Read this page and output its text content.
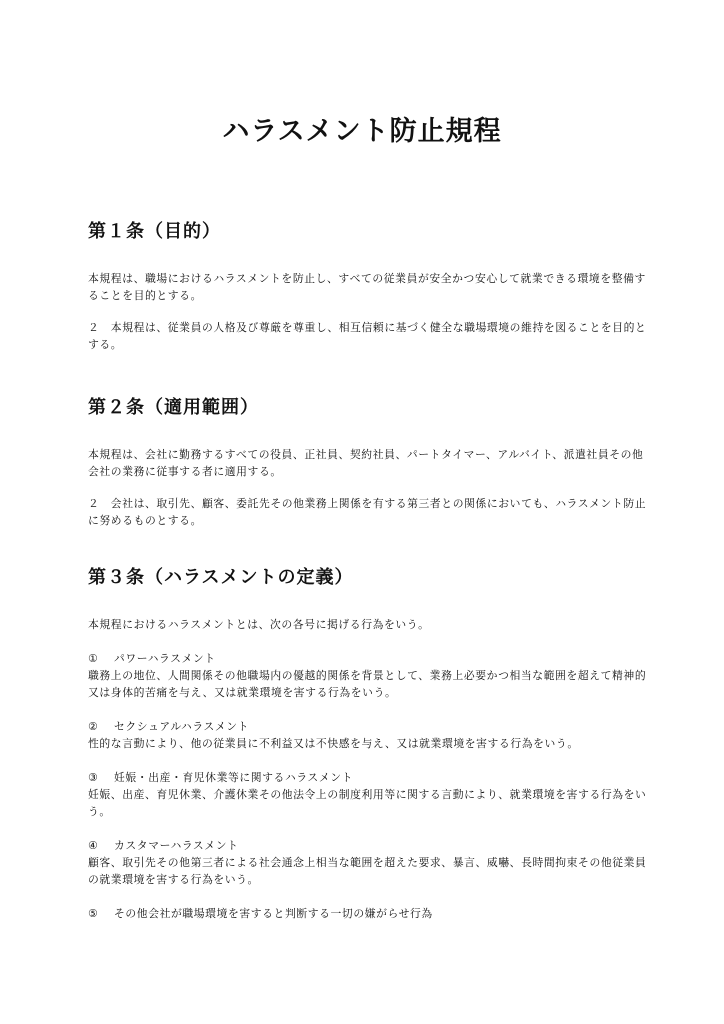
ハラスメント防止規程
第１条（目的）

本規程は、職場におけるハラスメントを防止し、すべての従業員が安全かつ安心して就業できる環境を整備することを目的とする。

２　本規程は、従業員の人格及び尊厳を尊重し、相互信頼に基づく健全な職場環境の維持を図ることを目的とする。

第２条（適用範囲）

本規程は、会社に勤務するすべての役員、正社員、契約社員、パートタイマー、アルバイト、派遣社員その他会社の業務に従事する者に適用する。

２　会社は、取引先、顧客、委託先その他業務上関係を有する第三者との関係においても、ハラスメント防止に努めるものとする。

第３条（ハラスメントの定義）

本規程におけるハラスメントとは、次の各号に掲げる行為をいう。

① パワーハラスメント

職務上の地位、人間関係その他職場内の優越的関係を背景として、業務上必要かつ相当な範囲を超えて精神的又は身体的苦痛を与え、又は就業環境を害する行為をいう。

② セクシュアルハラスメント

性的な言動により、他の従業員に不利益又は不快感を与え、又は就業環境を害する行為をいう。

③ 妊娠・出産・育児休業等に関するハラスメント

妊娠、出産、育児休業、介護休業その他法令上の制度利用等に関する言動により、就業環境を害する行為をいう。

④ カスタマーハラスメント

顧客、取引先その他第三者による社会通念上相当な範囲を超えた要求、暴言、威嚇、長時間拘束その他従業員の就業環境を害する行為をいう。

⑤ その他会社が職場環境を害すると判断する一切の嫌がらせ行為
